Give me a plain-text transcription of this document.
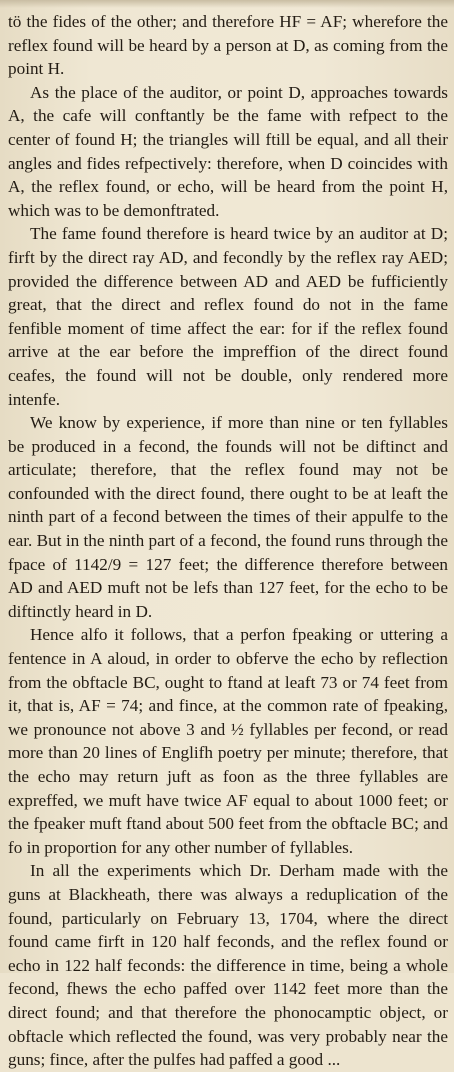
tö the fides of the other; and therefore HF = AF; wherefore the reflex found will be heard by a person at D, as coming from the point H.

As the place of the auditor, or point D, approaches towards A, the cafe will conftantly be the fame with refpect to the center of found H; the triangles will ftill be equal, and all their angles and fides refpectively: therefore, when D coincides with A, the reflex found, or echo, will be heard from the point H, which was to be demonftrated.

The fame found therefore is heard twice by an auditor at D; firft by the direct ray AD, and fecondly by the reflex ray AED; provided the difference between AD and AED be fufficiently great, that the direct and reflex found do not in the fame fenfible moment of time affect the ear: for if the reflex found arrive at the ear before the impreffion of the direct found ceafes, the found will not be double, only rendered more intenfe.

We know by experience, if more than nine or ten fyllables be produced in a fecond, the founds will not be diftinct and articulate; therefore, that the reflex found may not be confounded with the direct found, there ought to be at leaft the ninth part of a fecond between the times of their appulfe to the ear. But in the ninth part of a fecond, the found runs through the fpace of 1142/9 = 127 feet; the difference therefore between AD and AED muft not be lefs than 127 feet, for the echo to be diftinctly heard in D.

Hence alfo it follows, that a perfon fpeaking or uttering a fentence in A aloud, in order to obferve the echo by reflection from the obftacle BC, ought to ftand at leaft 73 or 74 feet from it, that is, AF = 74; and fince, at the common rate of fpeaking, we pronounce not above 3 and ½ fyllables per fecond, or read more than 20 lines of Englifh poetry per minute; therefore, that the echo may return juft as foon as the three fyllables are expreffed, we muft have twice AF equal to about 1000 feet; or the fpeaker muft ftand about 500 feet from the obftacle BC; and fo in proportion for any other number of fyllables.

In all the experiments which Dr. Derham made with the guns at Blackheath, there was always a reduplication of the found, particularly on February 13, 1704, where the direct found came firft in 120 half feconds, and the reflex found or echo in 122 half feconds: the difference in time, being a whole fecond, fhews the echo paffed over 1142 feet more than the direct found; and that therefore the phonocamptic object, or obftacle which reflected the found, was very probably near the guns; fince, after the pulfes had paffed a good ...
